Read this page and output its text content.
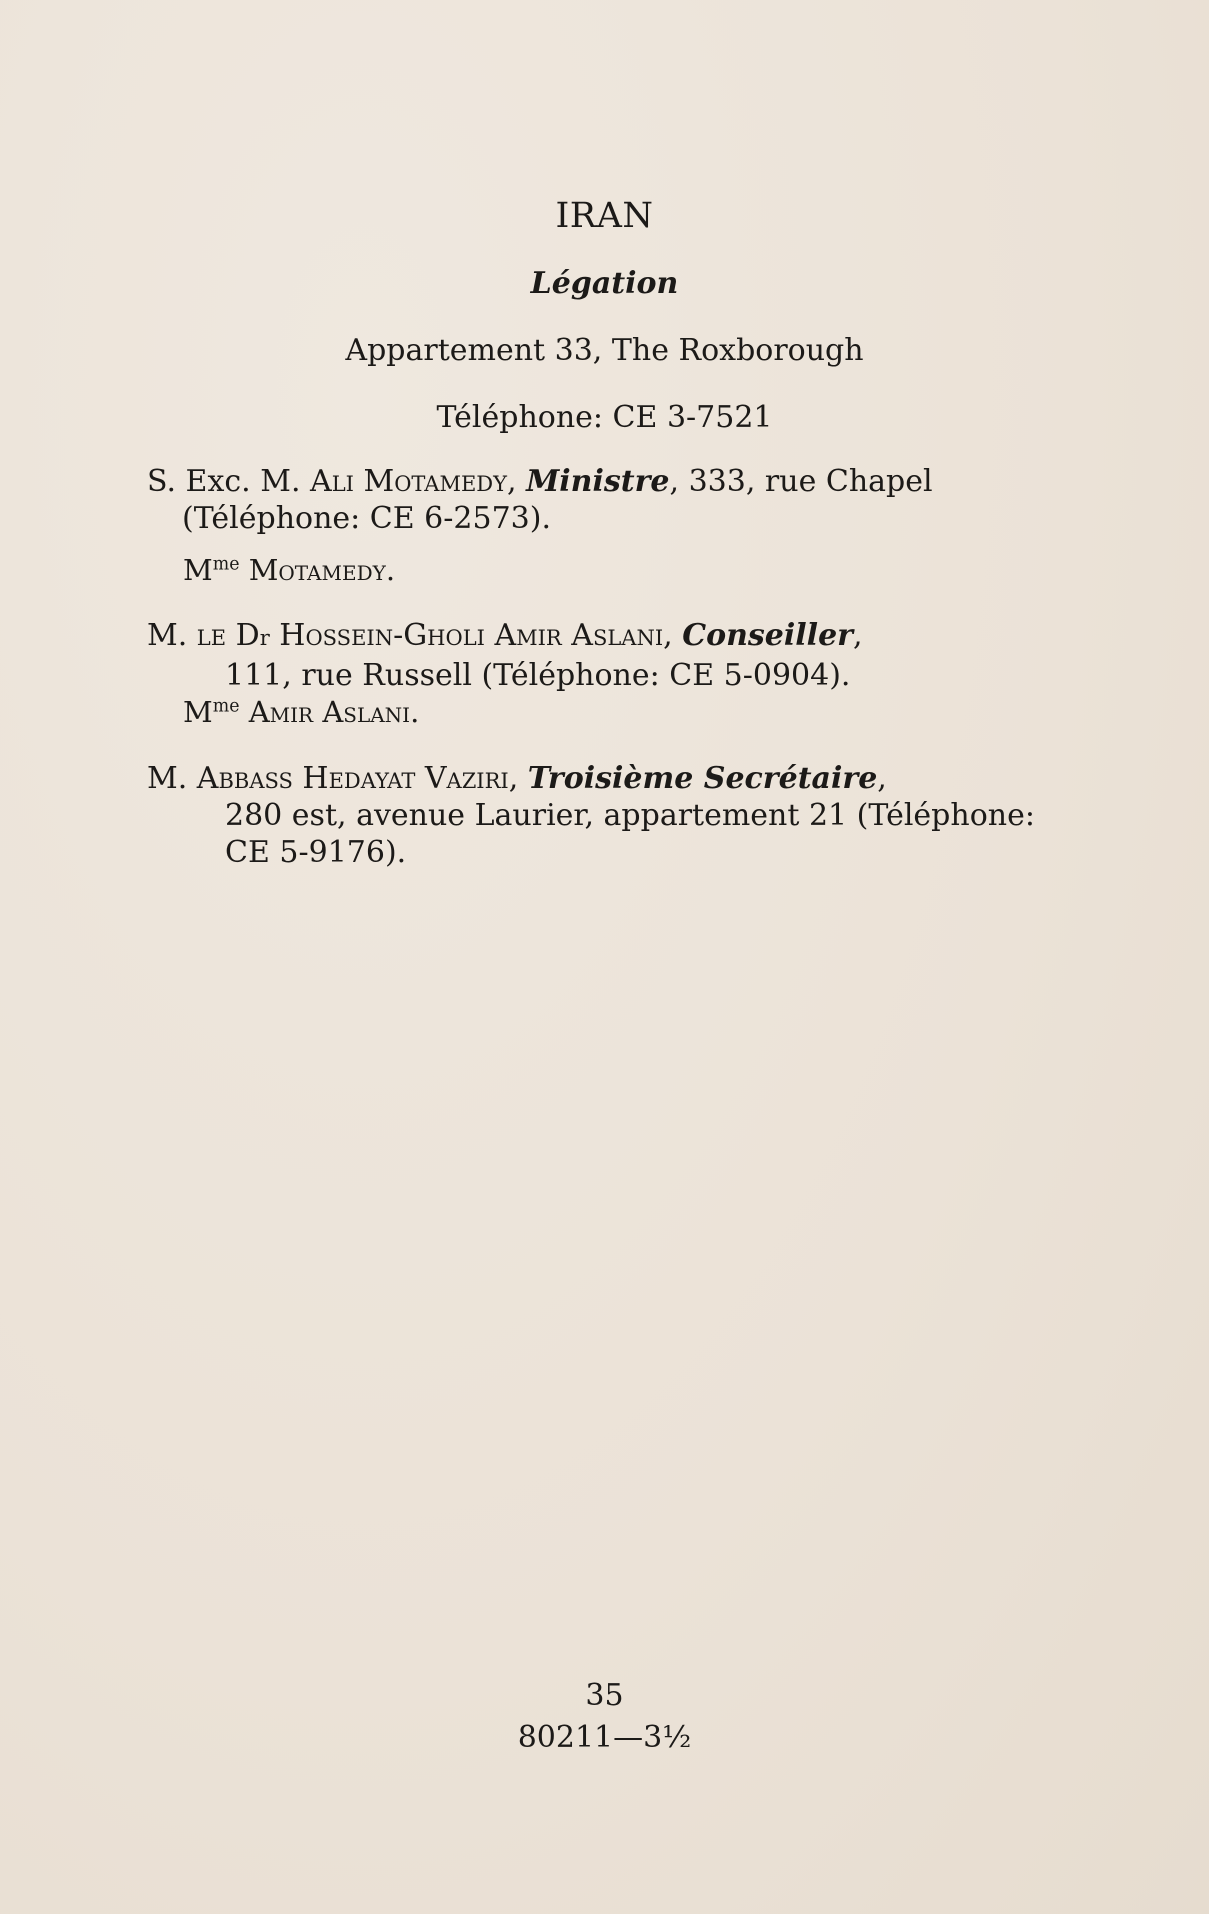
IRAN
Légation
Appartement 33, The Roxborough
Téléphone: CE 3-7521
S. Exc. M. Ali Motamedy, Ministre, 333, rue Chapel
(Téléphone: CE 6-2573).
$M^{me}$ Motamedy.
M. le Dr Hossein-Gholi Amir Aslani, Conseiller,
111, rue Russell (Téléphone: CE 5-0904).
$M^{me}$ Amir Aslani.
M. Abbass Hedayat Vaziri, Troisième Secrétaire,
280 est, avenue Laurier, appartement 21 (Téléphone:
CE 5-9176).
35
80211—3½
